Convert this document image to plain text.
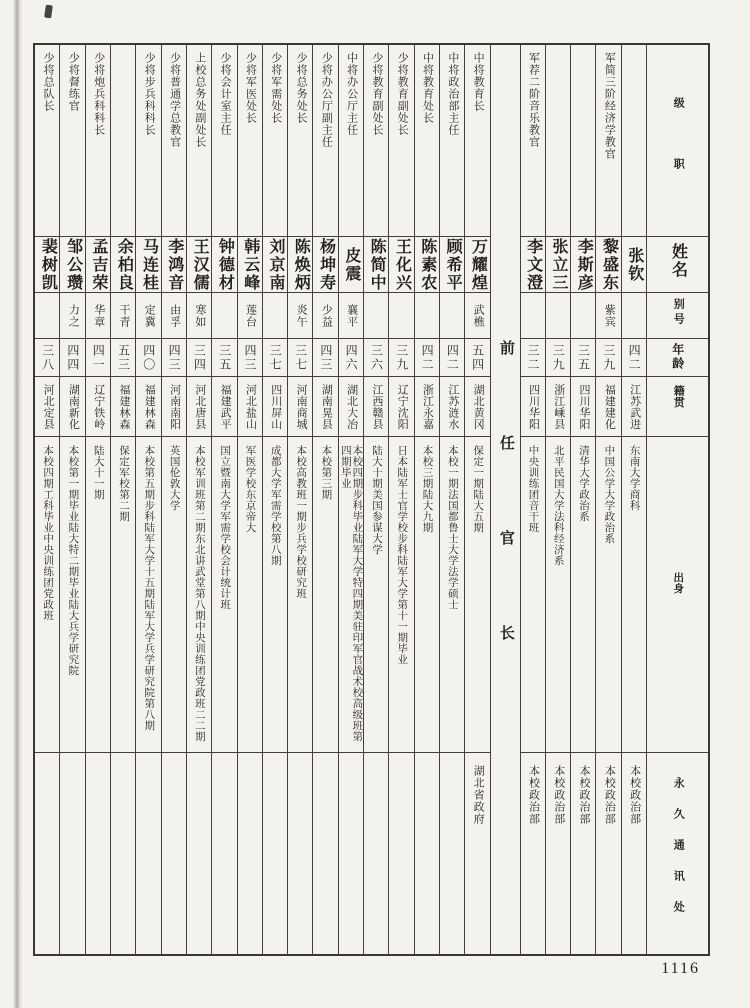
级职
姓名
别号
年龄
籍贯
出身
永久通讯处
张钦
四二
江苏武进
东南大学商科
本校政治部
军简三阶经济学教官
黎盛东
紫宾
三九
福建建化
中国公学大学政治系
本校政治部
李斯彦
三五
四川华阳
清华大学政治系
本校政治部
张立三
三九
浙江嵊县
北平民国大学法科经济系
本校政治部
军荐二阶音乐教官
李文澄
三二
四川华阳
中央训练团音干班
本校政治部
前任官长
中将教育长
万耀煌
武樵
五四
湖北黄冈
保定一期陆大五期
湖北省政府
中将政治部主任
顾希平
四二
江苏涟水
本校一期法国都鲁士大学法学硕士
中将教育处长
陈素农
四二
浙江永嘉
本校三期陆大九期
少将教育副处长
王化兴
三九
辽宁沈阳
日本陆军士官学校步科陆军大学第十一期毕业
少将教育副处长
陈简中
三六
江西赣县
陆大十期美国参谋大学
中将办公厅主任
皮震
襄平
四六
湖北大冶
本校四期步科毕业陆军大学特四期美驻印军官战术校高级班第四期毕业
少将办公厅副主任
杨坤寿
少益
四三
湖南晃县
本校第三期
少将总务处长
陈焕炳
炎午
三七
河南商城
本校高教班一期步兵学校研究班
少将军需处长
刘京南
三七
四川屏山
成都大学军需学校第八期
少将军医处长
韩云峰
莲台
四三
河北盐山
军医学校东京帝大
少将会计室主任
钟德材
三五
福建武平
国立暨南大学军需学校会计统计班
上校总务处副处长
王汉儒
寒如
三四
河北唐县
本校军训班第二期东北讲武堂第八期中央训练团党政班二二期
少将普通学总教官
李鸿音
由孚
四三
河南南阳
英国伦敦大学
少将步兵科科长
马连桂
定冀
四〇
福建林森
本校第五期步科陆军大学十五期陆军大学兵学研究院第八期
余柏良
干青
五三
福建林森
保定军校第二期
少将炮兵科科长
孟吉荣
华章
四一
辽宁铁岭
陆大十一期
少将督练官
邹公瓒
力之
四四
湖南新化
本校第一期毕业陆大特二期毕业陆大兵学研究院
少将总队长
裴树凯
三八
河北定县
本校四期工科毕业中央训练团党政班
1116
